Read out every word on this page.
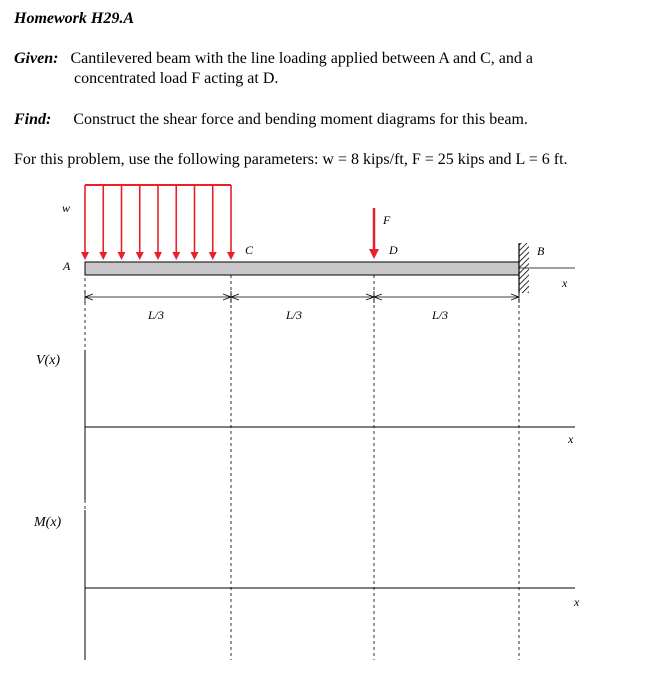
Homework H29.A
Given: Cantilevered beam with the line loading applied between A and C, and a
concentrated load F acting at D.
Find: Construct the shear force and bending moment diagrams for this beam.
For this problem, use the following parameters: w = 8 kips/ft, F = 25 kips and L = 6 ft.
w
A
C
F
D	B
x
L/3	L/3	L/3
V(x)
M(x)
x
x
